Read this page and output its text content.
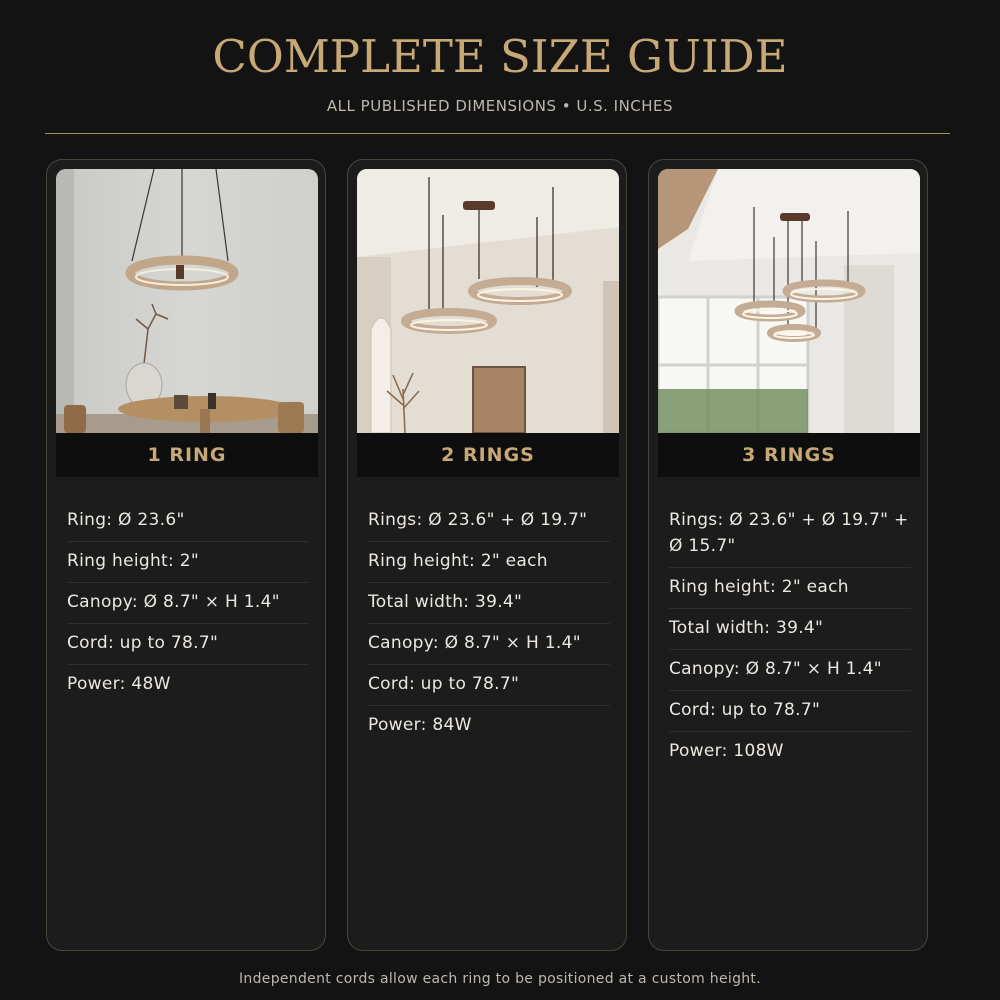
COMPLETE SIZE GUIDE
ALL PUBLISHED DIMENSIONS • U.S. INCHES
1 RING
Ring: Ø 23.6"
Ring height: 2"
Canopy: Ø 8.7" × H 1.4"
Cord: up to 78.7"
Power: 48W
2 RINGS
Rings: Ø 23.6" + Ø 19.7"
Ring height: 2" each
Total width: 39.4"
Canopy: Ø 8.7" × H 1.4"
Cord: up to 78.7"
Power: 84W
3 RINGS
Rings: Ø 23.6" + Ø 19.7" + Ø 15.7"
Ring height: 2" each
Total width: 39.4"
Canopy: Ø 8.7" × H 1.4"
Cord: up to 78.7"
Power: 108W
Independent cords allow each ring to be positioned at a custom height.
